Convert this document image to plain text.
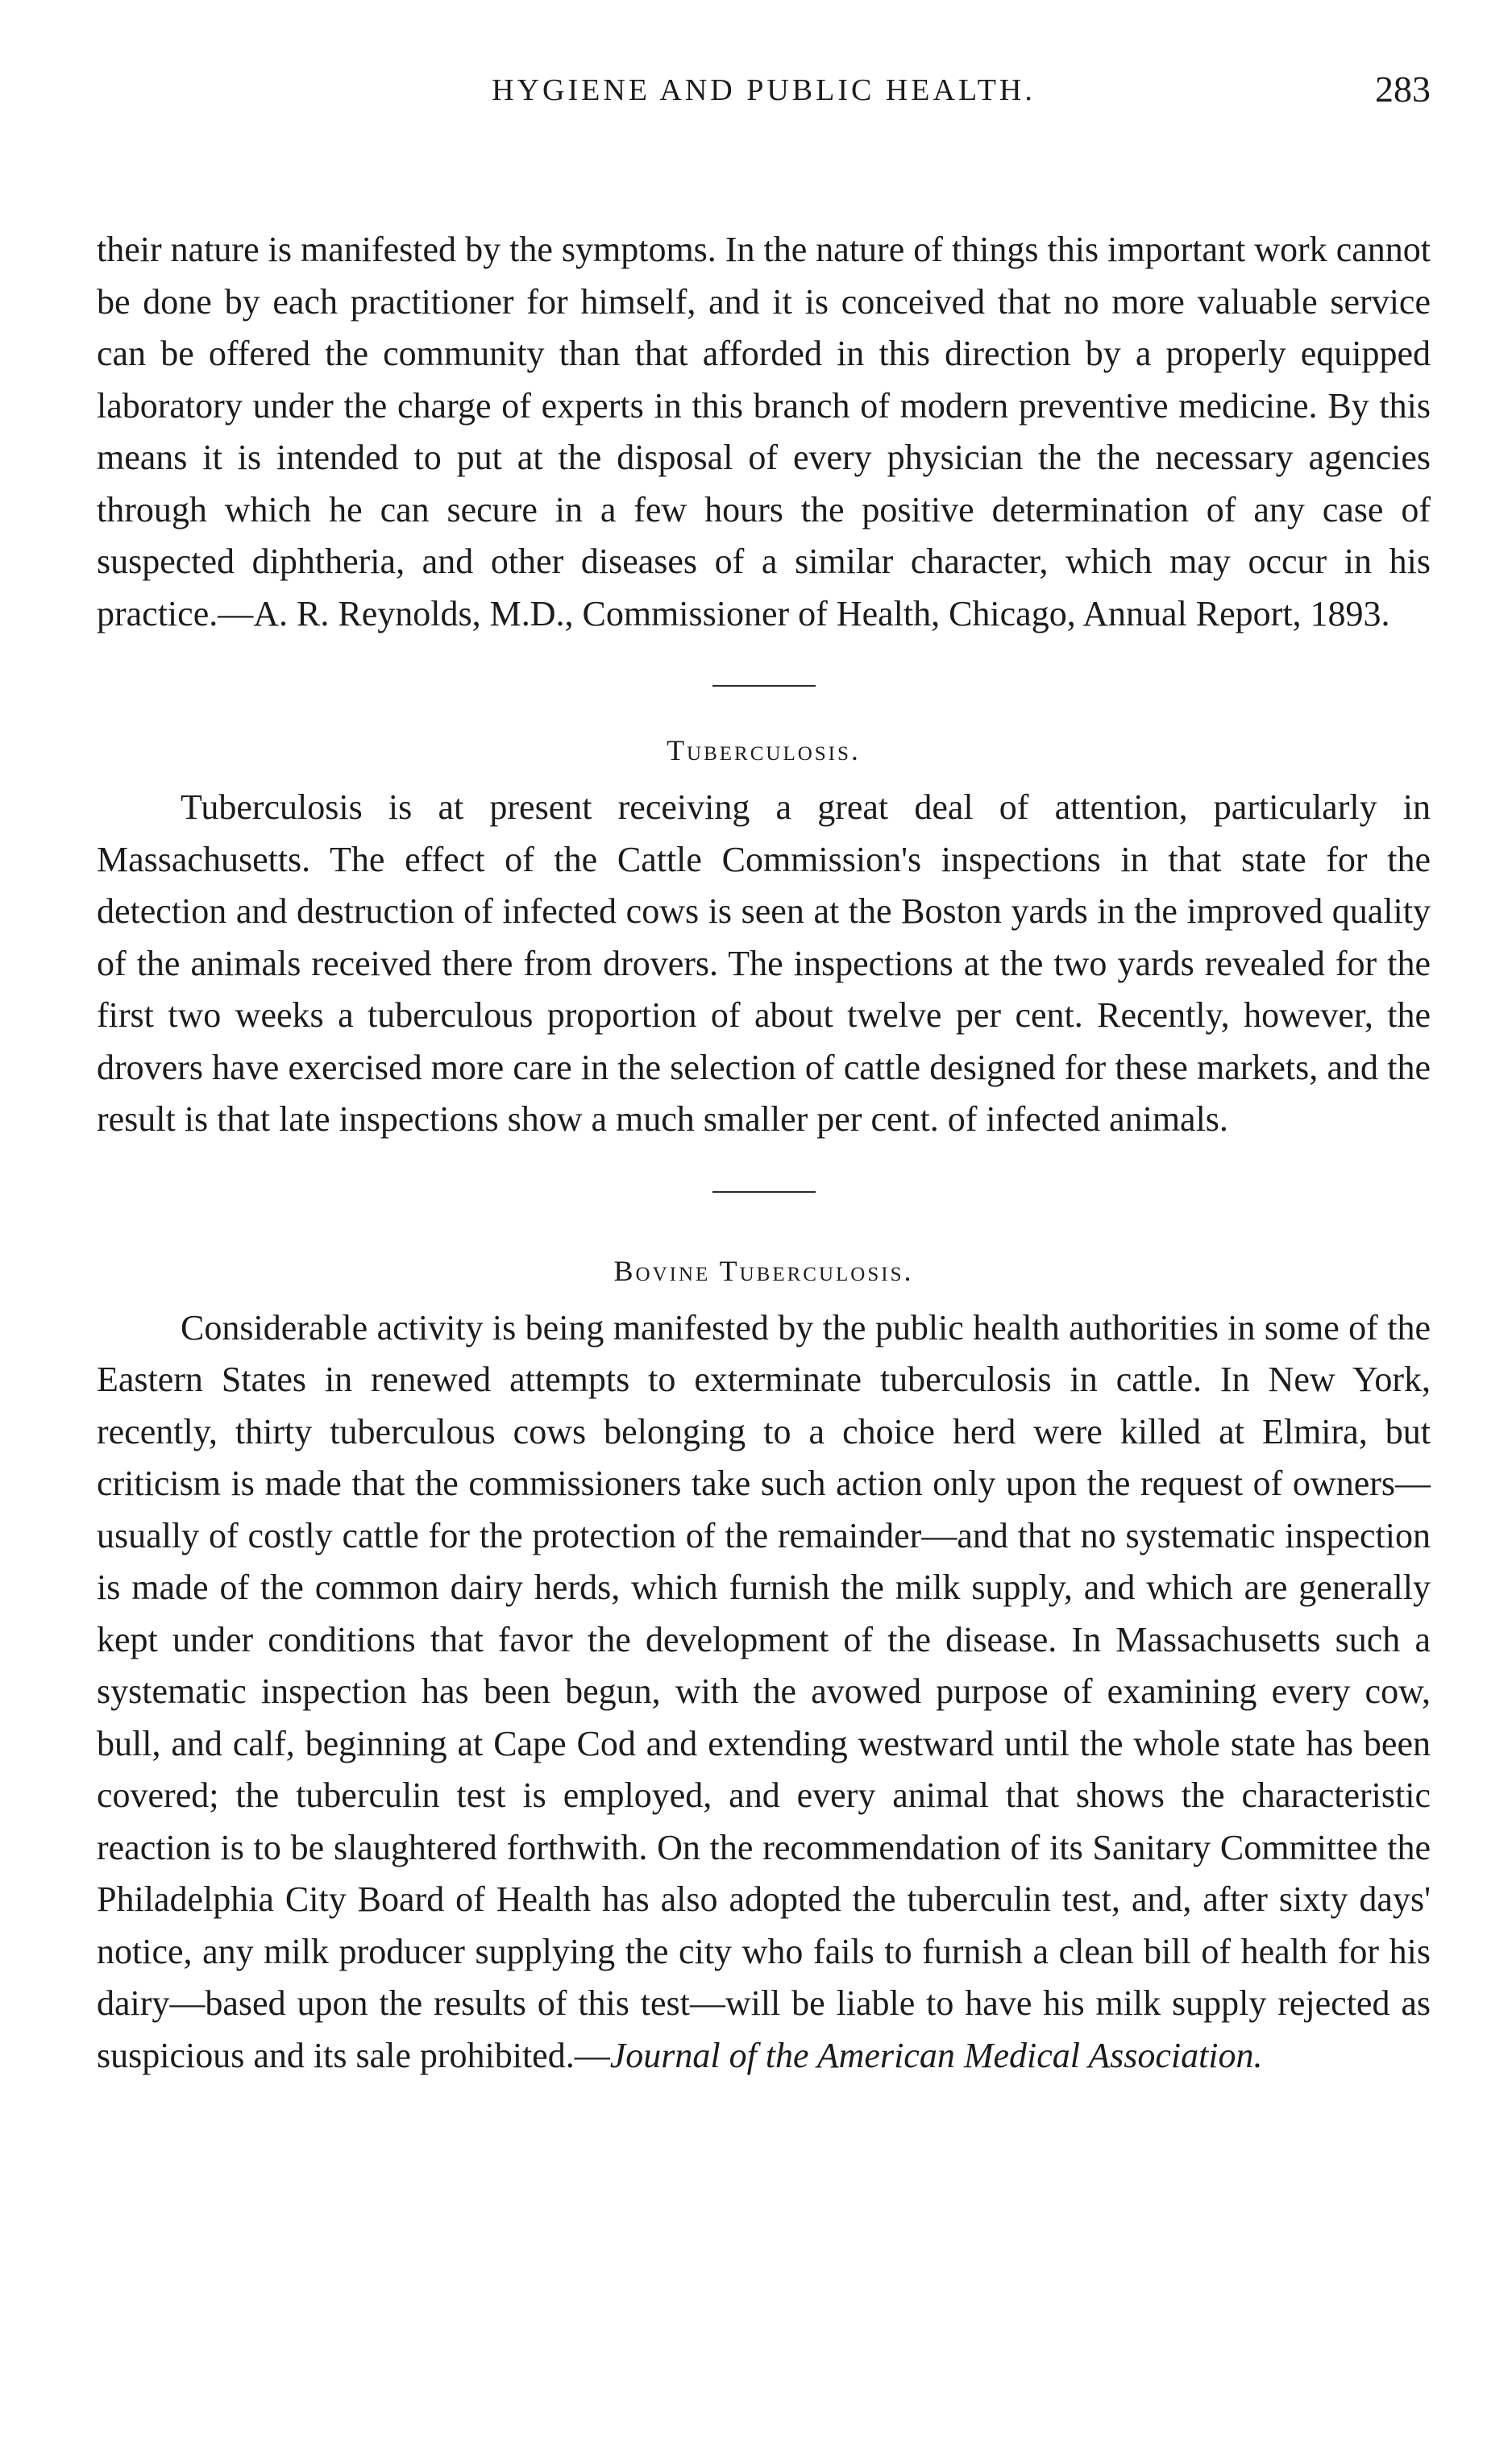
HYGIENE AND PUBLIC HEALTH.	283

their nature is manifested by the symptoms. In the nature of things this important work cannot be done by each practitioner for himself, and it is conceived that no more valuable service can be offered the community than that afforded in this direction by a properly equipped laboratory under the charge of experts in this branch of modern preventive medicine. By this means it is intended to put at the disposal of every physician the the necessary agencies through which he can secure in a few hours the positive determination of any case of suspected diphtheria, and other diseases of a similar character, which may occur in his practice.—A. R. Reynolds, M.D., Commissioner of Health, Chicago, Annual Report, 1893.

Tuberculosis.

Tuberculosis is at present receiving a great deal of attention, particularly in Massachusetts. The effect of the Cattle Commission's inspections in that state for the detection and destruction of infected cows is seen at the Boston yards in the improved quality of the animals received there from drovers. The inspections at the two yards revealed for the first two weeks a tuberculous proportion of about twelve per cent. Recently, however, the drovers have exercised more care in the selection of cattle designed for these markets, and the result is that late inspections show a much smaller per cent. of infected animals.

Bovine Tuberculosis.

Considerable activity is being manifested by the public health authorities in some of the Eastern States in renewed attempts to exterminate tuberculosis in cattle. In New York, recently, thirty tuberculous cows belonging to a choice herd were killed at Elmira, but criticism is made that the commissioners take such action only upon the request of owners—usually of costly cattle for the protection of the remainder—and that no systematic inspection is made of the common dairy herds, which furnish the milk supply, and which are generally kept under conditions that favor the development of the disease. In Massachusetts such a systematic inspection has been begun, with the avowed purpose of examining every cow, bull, and calf, beginning at Cape Cod and extending westward until the whole state has been covered; the tuberculin test is employed, and every animal that shows the characteristic reaction is to be slaughtered forthwith. On the recommendation of its Sanitary Committee the Philadelphia City Board of Health has also adopted the tuberculin test, and, after sixty days' notice, any milk producer supplying the city who fails to furnish a clean bill of health for his dairy—based upon the results of this test—will be liable to have his milk supply rejected as suspicious and its sale prohibited.—Journal of the American Medical Association.
